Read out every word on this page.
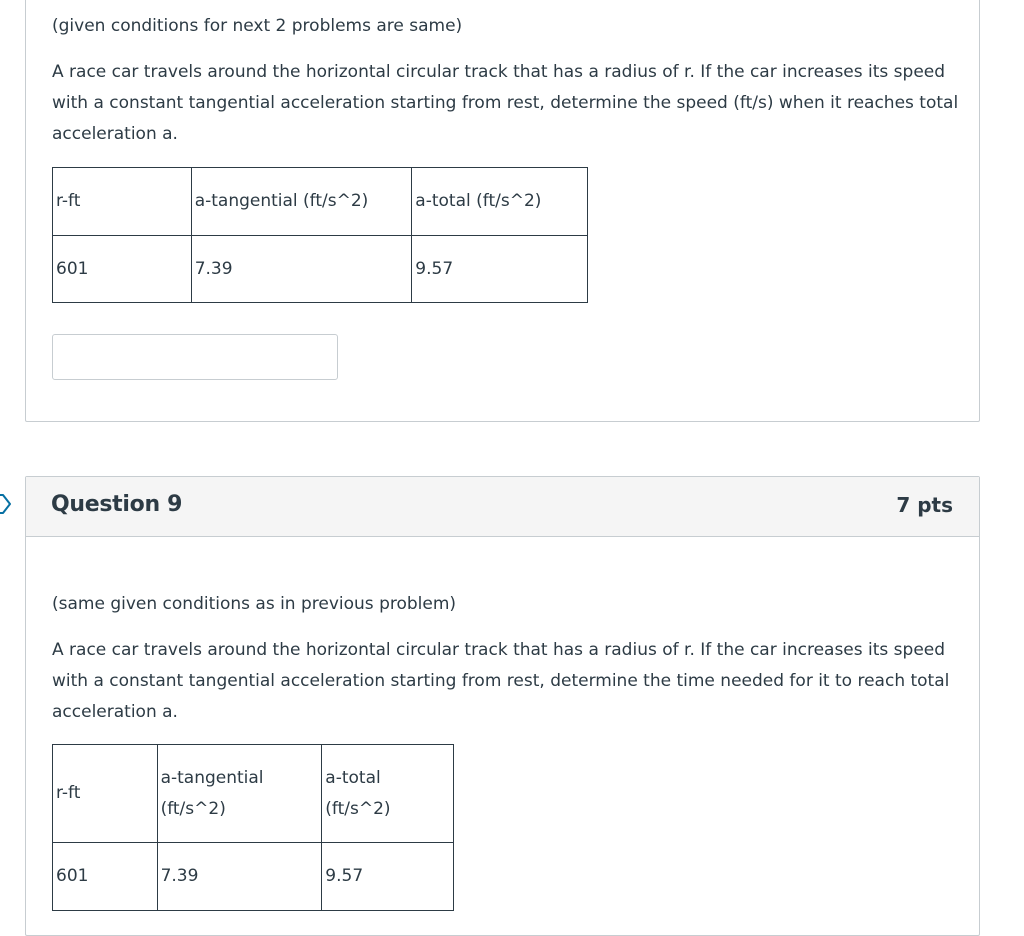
(given conditions for next 2 problems are same)

A race car travels around the horizontal circular track that has a radius of r. If the car increases its speed with a constant tangential acceleration starting from rest, determine the speed (ft/s) when it reaches total acceleration a.

r-ft	a-tangential (ft/s^2)	a-total (ft/s^2)
601	7.39	9.57
Question 9	7 pts

(same given conditions as in previous problem)

A race car travels around the horizontal circular track that has a radius of r. If the car increases its speed with a constant tangential acceleration starting from rest, determine the time needed for it to reach total acceleration a.

r-ft	a-tangential (ft/s^2)	a-total (ft/s^2)

601	7.39	9.57
